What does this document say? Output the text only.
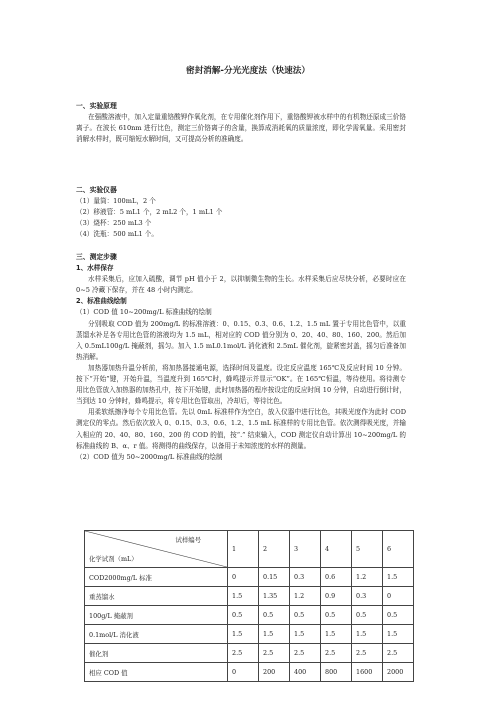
密封消解-分光光度法（快速法）
一、实验原理
在强酸溶液中，加入定量重铬酸钾作氧化剂，在专用催化剂作用下，重铬酸钾被水样中的有机物还原成三价铬离子。在波长 610nm 进行比色，测定三价铬离子的含量，换算成消耗氧的质量浓度，即化学需氧量。采用密封消解水样时，既可缩短水解时间，又可提高分析的准确度。
二、实验仪器
（1）量筒：100mL，2 个
（2）移液管：5 mL1 个，2 mL2 个，1 mL1 个
（3）烧杯：250 mL3 个
（4）洗瓶：500 mL1 个。
三、测定步骤
1、水样保存
水样采集后，应加入硫酸，调节 pH 值小于 2，以抑制微生物的生长。水样采集后应尽快分析，必要时应在 0~5 冷藏下保存，并在 48 小时内测定。
2、标准曲线绘制
（1）COD 值 10~200mg/L 标准曲线的绘制
分别吸取 COD 值为 200mg/L 的标准溶液：0、0.15、0.3、0.6、1.2、1.5 mL 置于专用比色管中，以重蒸馏水补足各专用比色管的溶液均为 1.5 mL，相对应的 COD 值分别为 0、20、40、80、160、200。然后加入 0.5mL100g/L 掩蔽剂，摇匀。加入 1.5 mL0.1mol/L 消化液和 2.5mL 催化剂，旋紧密封盖，摇匀后准备加热消解。
加热器加热升温分析前，将加热器接通电源，选择时间及温度。设定反应温度 165℃及反应时间 10 分钟。按下“开始”键，开始升温，当温度升到 165℃时，蜂鸣提示并显示“OK”。在 165℃恒温，等待使用。将待测专用比色管放入加热器的加热孔中，按下开始键，此时加热器的程序按设定的反应时间 10 分钟，自动进行倒计时，当到达 10 分钟时，蜂鸣提示，将专用比色管取出，冷却后，等待比色。
用柔软纸擦净每个专用比色管。先以 0mL 标准样作为空白，放入仪器中进行比色，其吸光度作为此时 COD 测定仪的零点。然后依次放入 0、0.15、0.3、0.6、1.2、1.5 mL 标准样的专用比色管。依次测得吸光度，并输入相应的 20、40、80、160、200 的 COD 的值，按“.” 结束输入，COD 测定仪自动计算出 10~200mg/L 的标准曲线的 B、α、r 值。将测得的曲线保存，以备用于未知浓度的水样的测量。
（2）COD 值为 50~2000mg/L 标准曲线的绘制
试样编号
化学试剂（mL）	1	2	3	4	5	6
COD2000mg/L 标准	0	0.15	0.3	0.6	1.2	1.5
重蒸馏水	1.5	1.35	1.2	0.9	0.3	0
100g/L 掩蔽剂	0.5	0.5	0.5	0.5	0.5	0.5
0.1mol/L 消化液	1.5	1.5	1.5	1.5	1.5	1.5
催化剂	2.5	2.5	2.5	2.5	2.5	2.5
相应 COD 值	0	200	400	800	1600	2000
